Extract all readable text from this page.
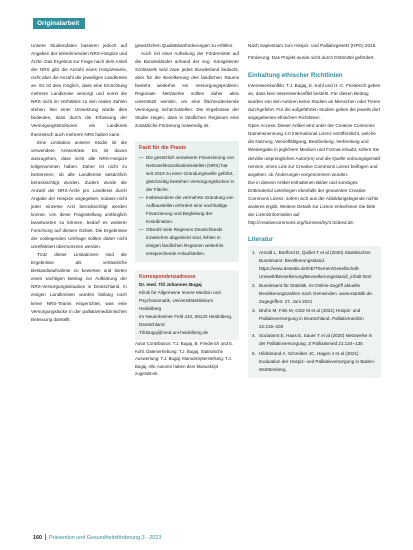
Originalarbeit

Unsere Studiendaten basieren jedoch auf Angaben der teilnehmenden NRS-Hospize und Ärzte. Das Ergebnis zur Frage nach dem Anteil der NRS gibt die Anzahl eines Hospizteams, nicht aber die Anzahl der jeweiligen Landkreise an. Es ist also möglich, dass eine Einrichtung mehrere Landkreise versorgt und somit die NRS nicht im Verhältnis zu den realen Zahlen stehen. Bei einer Umsetzung würde dies bedeuten, dass durch die Erfassung der Versorgungsstrukturen ein Landkreis theoretisch auch mehrere NRS haben kann.

Eine Limitation unserer Studie ist die verwendete Antwortrate. Es ist davon auszugehen, dass nicht alle NRS-Hospize teilgenommen haben. Daher ist nicht zu bestimmen, ob alle Landkreise tatsächlich berücksichtigt wurden. Zudem wurde die Anzahl der NRS-Ärzte pro Landkreis durch Angabe der Hospize angegeben, sodass nicht jeder einzelne Arzt berücksichtigt werden konnte. Um diese Fragestellung umfänglich beantworten zu können, bedarf es weiterer Forschung auf diesem Gebiet. Die Ergebnisse der vorliegenden Umfrage sollten daher nicht unreflektiert übernommen werden.

Trotz dieser Limitationen sind die Ergebnisse als verlässliche Bestandsaufnahme zu bewerten und bieten einen wichtigen Beitrag zur Aufklärung der NRS-Versorgungssituation in Deutschland. In einigen Landkreisen wurden bislang noch keine NRS-Teams eingerichtet, was eine Versorgungslücke in der palliativmedizinischen Betreuung darstellt.

gesetzlichen Qualitätsanforderungen zu erfüllen.

Auch mit einer Aufteilung der Fördermittel auf die Bundesländer anhand der sog. Königsteiner Schlüssels wird zwar jedes Bundesland bedacht, aber für die Bevölkerung des ländlichen Raums besteht weiterhin ein Versorgungsproblem. Regionale Netzwerke sollten daher aktiv unterstützt werden, um eine flächendeckende Versorgung sicherzustellen. Die Ergebnisse der Studie zeigen, dass in ländlichen Regionen eine zusätzliche Förderung notwendig ist.

Fazit für die Praxis
— Die gesetzlich verankerte Finanzierung von Netzwerkkoordinationsstellen (NRS) hat seit 2019 zu einer Gründungswelle geführt, gleichzeitig bestehen Versorgungslücken in der Fläche.
— Insbesondere die vermehrte Gründung von Aufbaustellen erfordert eine nachhaltige Finanzierung und Begleitung der Koordination.
— Obwohl viele Regionen Deutschlands inzwischen abgedeckt sind, fehlen in einigen ländlichen Regionen weiterhin entsprechende Anlaufstellen.
Korrespondenzadresse
Dr. med. Till Johannes Bugaj
Klinik für Allgemeine Innere Medizin und Psychosomatik, Universitätsklinikum Heidelberg
Im Neuenheimer Feld 410, 69120 Heidelberg, Deutschland
Till.Bugaj@med.uni-heidelberg.de

Autor Contribution: T.J. Bugaj, B. Friederich und E. Kohl. Datenerhebung: T.J. Bugaj. Statistische Auswertung: T.J. Bugaj. Manuskripterstellung: T.J. Bugaj. Alle Autoren haben dem Manuskript zugestimmt.

Nach Sapientiam zum Hospiz- und Palliativgesetz (HPG) 2015.

Förderung: Das Projekt wurde nicht durch Drittmittel gefördert.

Einhaltung ethischer Richtlinien

Interessenkonflikt. T.J. Bugaj, E. Kohl und H.-C. Friederich geben an, dass kein Interessenkonflikt besteht. Für diesen Beitrag wurden von den Autoren keine Studien an Menschen oder Tieren durchgeführt. Für die aufgeführten Studien gelten die jeweils dort angegebenen ethischen Richtlinien.

Open Access. Dieser Artikel wird unter der Creative Commons Namensnennung 4.0 International Lizenz veröffentlicht, welche die Nutzung, Vervielfältigung, Bearbeitung, Verbreitung und Wiedergabe in jeglichem Medium und Format erlaubt, sofern Sie den/die ursprünglichen Autor(en) und die Quelle ordnungsgemäß nennen, einen Link zur Creative Commons Lizenz beifügen und angeben, ob Änderungen vorgenommen wurden.

Die in diesem Artikel enthaltenen Bilder und sonstiges Drittmaterial unterliegen ebenfalls der genannten Creative Commons Lizenz, sofern sich aus der Abbildungslegende nichts anderes ergibt. Weitere Details zur Lizenz entnehmen Sie bitte der Lizenzinformation auf http://creativecommons.org/licenses/by/4.0/deed.de.

Literatur
1. Arnold L, Bedford D, Quillet T et al (2020) Statistisches Bundesamt. Bevölkerungsstand. https://www.destatis.de/DE/Themen/Gesellschaft-Umwelt/Bevoelkerung/Bevoelkerungsstand/_inhalt.html
2. Bundesamt für Statistik. Im Online-Zugriff aktuelle Bevölkerungszahlen nach Gemeinden. www.statistik.de. Zugegriffen: 27. Juni 2021
3. Bruhn M, Fink M, Götz M et al (2021) Hospiz- und Palliativversorgung in Deutschland. Palliativmedizin 22:215–230
4. Sozialamt E, Haas E, Sauer T et al (2020) Netzwerke in der Palliativversorgung. Z Palliativmed 21:124–135
5. Hildebrand A, Schreiber JC, Hagen J et al (2021) Evaluation der Hospiz- und Palliativversorgung in Baden-Württemberg.
160 Prävention und Gesundheitsförderung 3 · 2023
